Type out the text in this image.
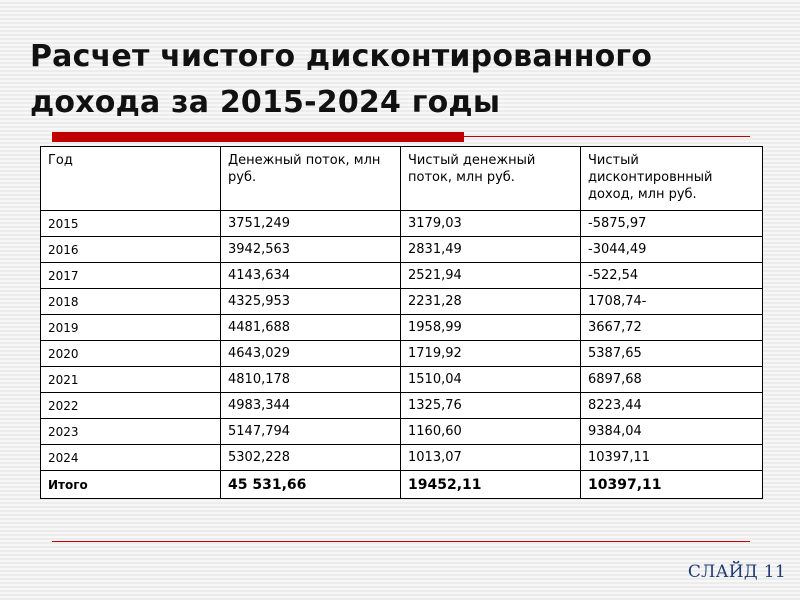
Расчет чистого дисконтированного
дохода за 2015-2024 годы
Год	Денежный поток, млн руб.	Чистый денежный поток, млн руб.	Чистый дисконтировнный доход, млн руб.
2015	3751,249	3179,03	-5875,97
2016	3942,563	2831,49	-3044,49
2017	4143,634	2521,94	-522,54
2018	4325,953	2231,28	1708,74-
2019	4481,688	1958,99	3667,72
2020	4643,029	1719,92	5387,65
2021	4810,178	1510,04	6897,68
2022	4983,344	1325,76	8223,44
2023	5147,794	1160,60	9384,04
2024	5302,228	1013,07	10397,11
Итого	45 531,66	19452,11	10397,11
СЛАЙД 11
